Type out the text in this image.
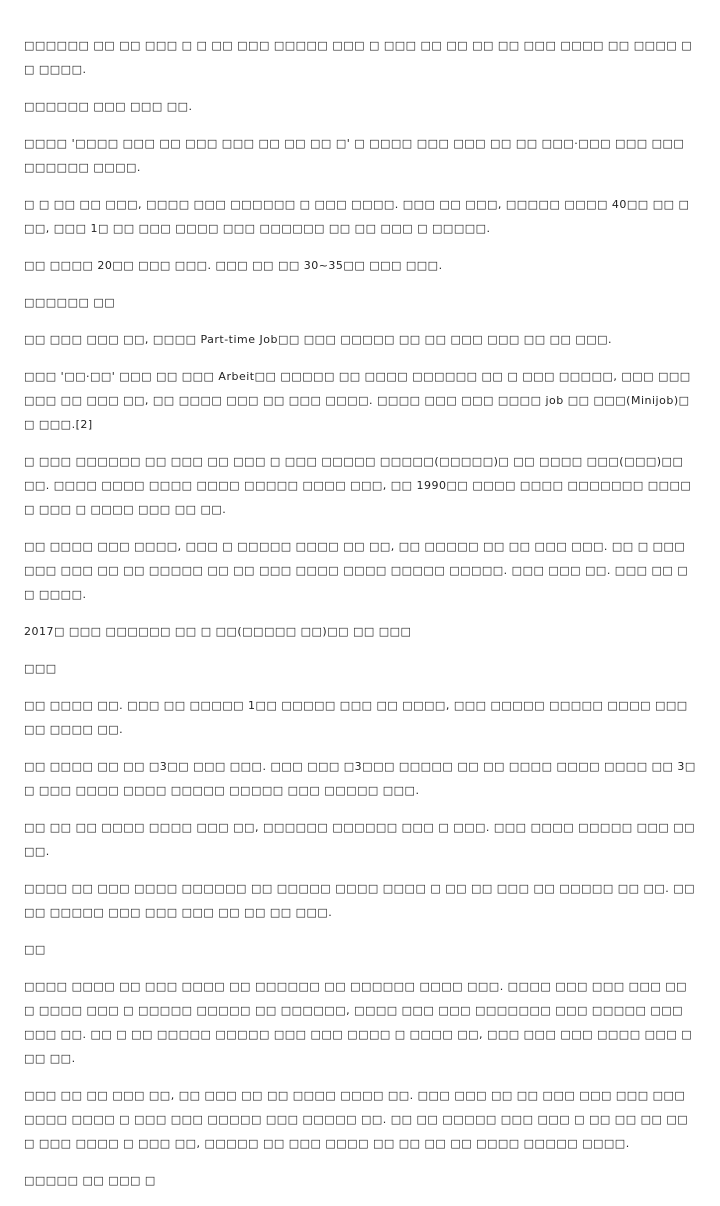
□□□□□□ □□ □□ □□□ □ □ □□ □□□ □□□□□ □□□ □ □□□ □□ □□ □□ □□ □□□ □□□□ □□ □□□□ □□ □□□□.

□□□□□□ □□□ □□□ □□.

□□□□ '□□□□ □□□ □□ □□□ □□□ □□ □□ □□ □' □ □□□□ □□□ □□□ □□ □□ □□□·□□□ □□□ □□□ □□□□□□ □□□□.

□ □ □□ □□ □□□, □□□□ □□□ □□□□□□ □ □□□ □□□□. □□□ □□ □□□, □□□□□ □□□□ 40□□ □□ □□□, □□□ 1□ □□ □□□ □□□□ □□□ □□□□□□ □□ □□ □□□ □ □□□□□.

□□ □□□□ 20□□ □□□ □□□. □□□ □□ □□ 30~35□□ □□□ □□□.

□□□□□□ □□

□□ □□□ □□□ □□, □□□□ Part-time Job□□ □□□ □□□□□ □□ □□ □□□ □□□ □□ □□ □□□.

□□□ '□□·□□' □□□ □□ □□□ Arbeit□□ □□□□□ □□ □□□□ □□□□□□ □□ □ □□□ □□□□□, □□□ □□□ □□□ □□ □□□ □□, □□ □□□□ □□□ □□ □□□ □□□□. □□□□ □□□ □□□ □□□□ job □□ □□□(Minijob)□□ □□□.[2]

□ □□□ □□□□□□ □□ □□□ □□ □□□ □ □□□ □□□□□ □□□□□(□□□□□)□ □□ □□□□ □□□(□□□)□□ □□. □□□□ □□□□ □□□□ □□□□ □□□□□ □□□□ □□□, □□ 1990□□ □□□□ □□□□ □□□□□□□ □□□□ □ □□□ □ □□□□ □□□ □□ □□.

□□ □□□□ □□□ □□□□, □□□ □ □□□□□ □□□□ □□ □□, □□ □□□□□ □□ □□ □□□ □□□. □□ □ □□□ □□□ □□□ □□ □□ □□□□□ □□ □□ □□□ □□□□ □□□□ □□□□□ □□□□□. □□□ □□□ □□. □□□ □□ □□ □□□□.

2017□ □□□ □□□□□□ □□ □ □□(□□□□□ □□)□□ □□ □□□

□□□

□□ □□□□ □□. □□□ □□ □□□□□ 1□□ □□□□□ □□□ □□ □□□□, □□□ □□□□□ □□□□□ □□□□ □□□ □□ □□□□ □□.

□□ □□□□ □□ □□ □3□□ □□□ □□□. □□□ □□□ □3□□□ □□□□□ □□ □□ □□□□ □□□□ □□□□ □□ 3□□ □□□ □□□□ □□□□ □□□□□ □□□□□ □□□ □□□□□ □□□.

□□ □□ □□ □□□□ □□□□ □□□ □□, □□□□□□ □□□□□□ □□□ □ □□□. □□□ □□□□ □□□□□ □□□ □□ □□.

□□□□ □□ □□□ □□□□ □□□□□□ □□ □□□□□ □□□□ □□□□ □ □□ □□ □□□ □□ □□□□□ □□ □□. □□ □□ □□□□□ □□□ □□□ □□□ □□ □□ □□ □□□.

□□

□□□□ □□□□ □□ □□□ □□□□ □□ □□□□□□ □□ □□□□□□ □□□□ □□□. □□□□ □□□ □□□ □□□ □□□ □□□□ □□□ □ □□□□□ □□□□□ □□ □□□□□□, □□□□ □□□ □□□ □□□□□□□ □□□ □□□□□ □□□ □□□ □□. □□ □ □□ □□□□□ □□□□□ □□□ □□□ □□□□ □ □□□□ □□, □□□ □□□ □□□ □□□□ □□□ □□□ □□.

□□□ □□ □□ □□□ □□, □□ □□□ □□ □□ □□□□ □□□□ □□. □□□ □□□ □□ □□ □□□ □□□ □□□ □□□ □□□□ □□□□ □ □□□ □□□ □□□□□ □□□ □□□□□ □□. □□ □□ □□□□□ □□□ □□□ □ □□ □□ □□ □□□ □□□ □□□□ □ □□□ □□, □□□□□ □□ □□□ □□□□ □□ □□ □□ □□ □□□□ □□□□□ □□□□.

□□□□□ □□ □□□ □
